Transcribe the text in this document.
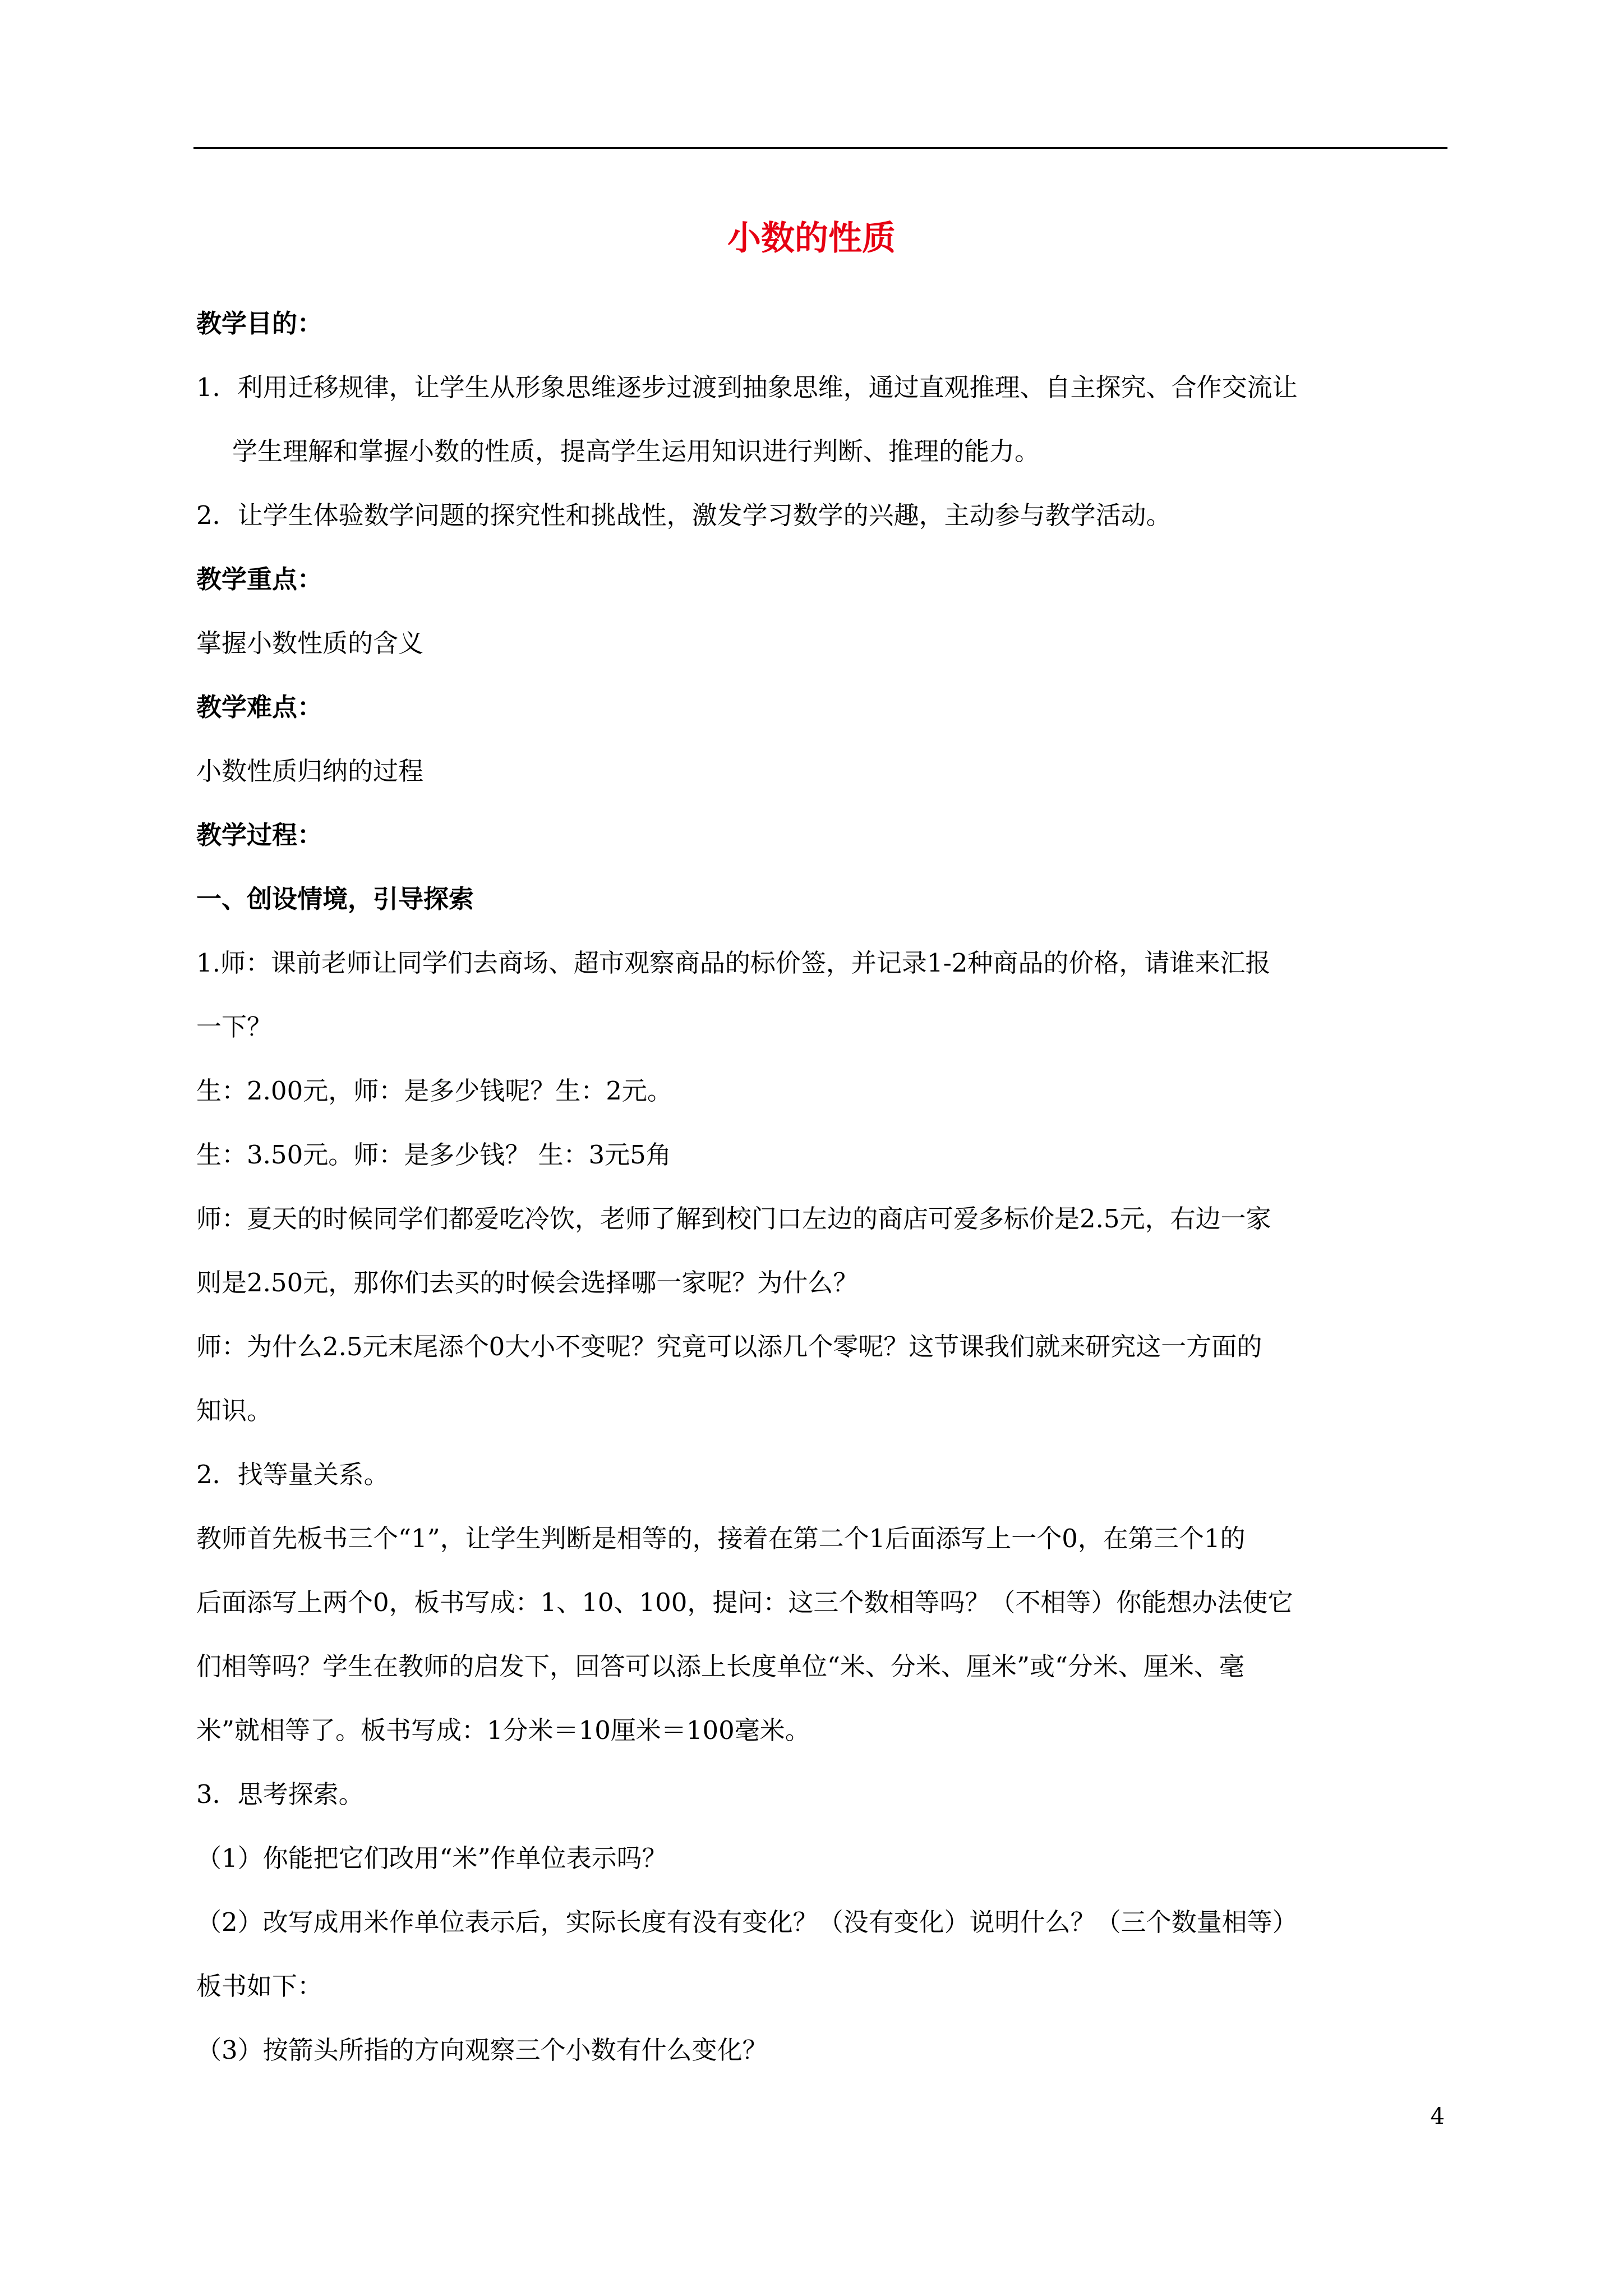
小数的性质
教学目的：
1．利用迁移规律，让学生从形象思维逐步过渡到抽象思维，通过直观推理、自主探究、合作交流让
学生理解和掌握小数的性质，提高学生运用知识进行判断、推理的能力。
2．让学生体验数学问题的探究性和挑战性，激发学习数学的兴趣，主动参与教学活动。
教学重点：
掌握小数性质的含义
教学难点：
小数性质归纳的过程
教学过程：
一、创设情境，引导探索
1.师：课前老师让同学们去商场、超市观察商品的标价签，并记录1-2种商品的价格，请谁来汇报
一下？
生：2.00元，师：是多少钱呢？生：2元。
生：3.50元。师：是多少钱？ 生：3元5角
师：夏天的时候同学们都爱吃冷饮，老师了解到校门口左边的商店可爱多标价是2.5元，右边一家
则是2.50元，那你们去买的时候会选择哪一家呢？为什么？
师：为什么2.5元末尾添个0大小不变呢？究竟可以添几个零呢？这节课我们就来研究这一方面的
知识。
2．找等量关系。
教师首先板书三个“1”，让学生判断是相等的，接着在第二个1后面添写上一个0，在第三个1的
后面添写上两个0，板书写成：1、10、100，提问：这三个数相等吗？（不相等）你能想办法使它
们相等吗？学生在教师的启发下，回答可以添上长度单位“米、分米、厘米”或“分米、厘米、毫
米”就相等了。板书写成：1分米＝10厘米＝100毫米。
3．思考探索。
（1）你能把它们改用“米”作单位表示吗？
（2）改写成用米作单位表示后，实际长度有没有变化？（没有变化）说明什么？（三个数量相等）
板书如下：
（3）按箭头所指的方向观察三个小数有什么变化？
4
